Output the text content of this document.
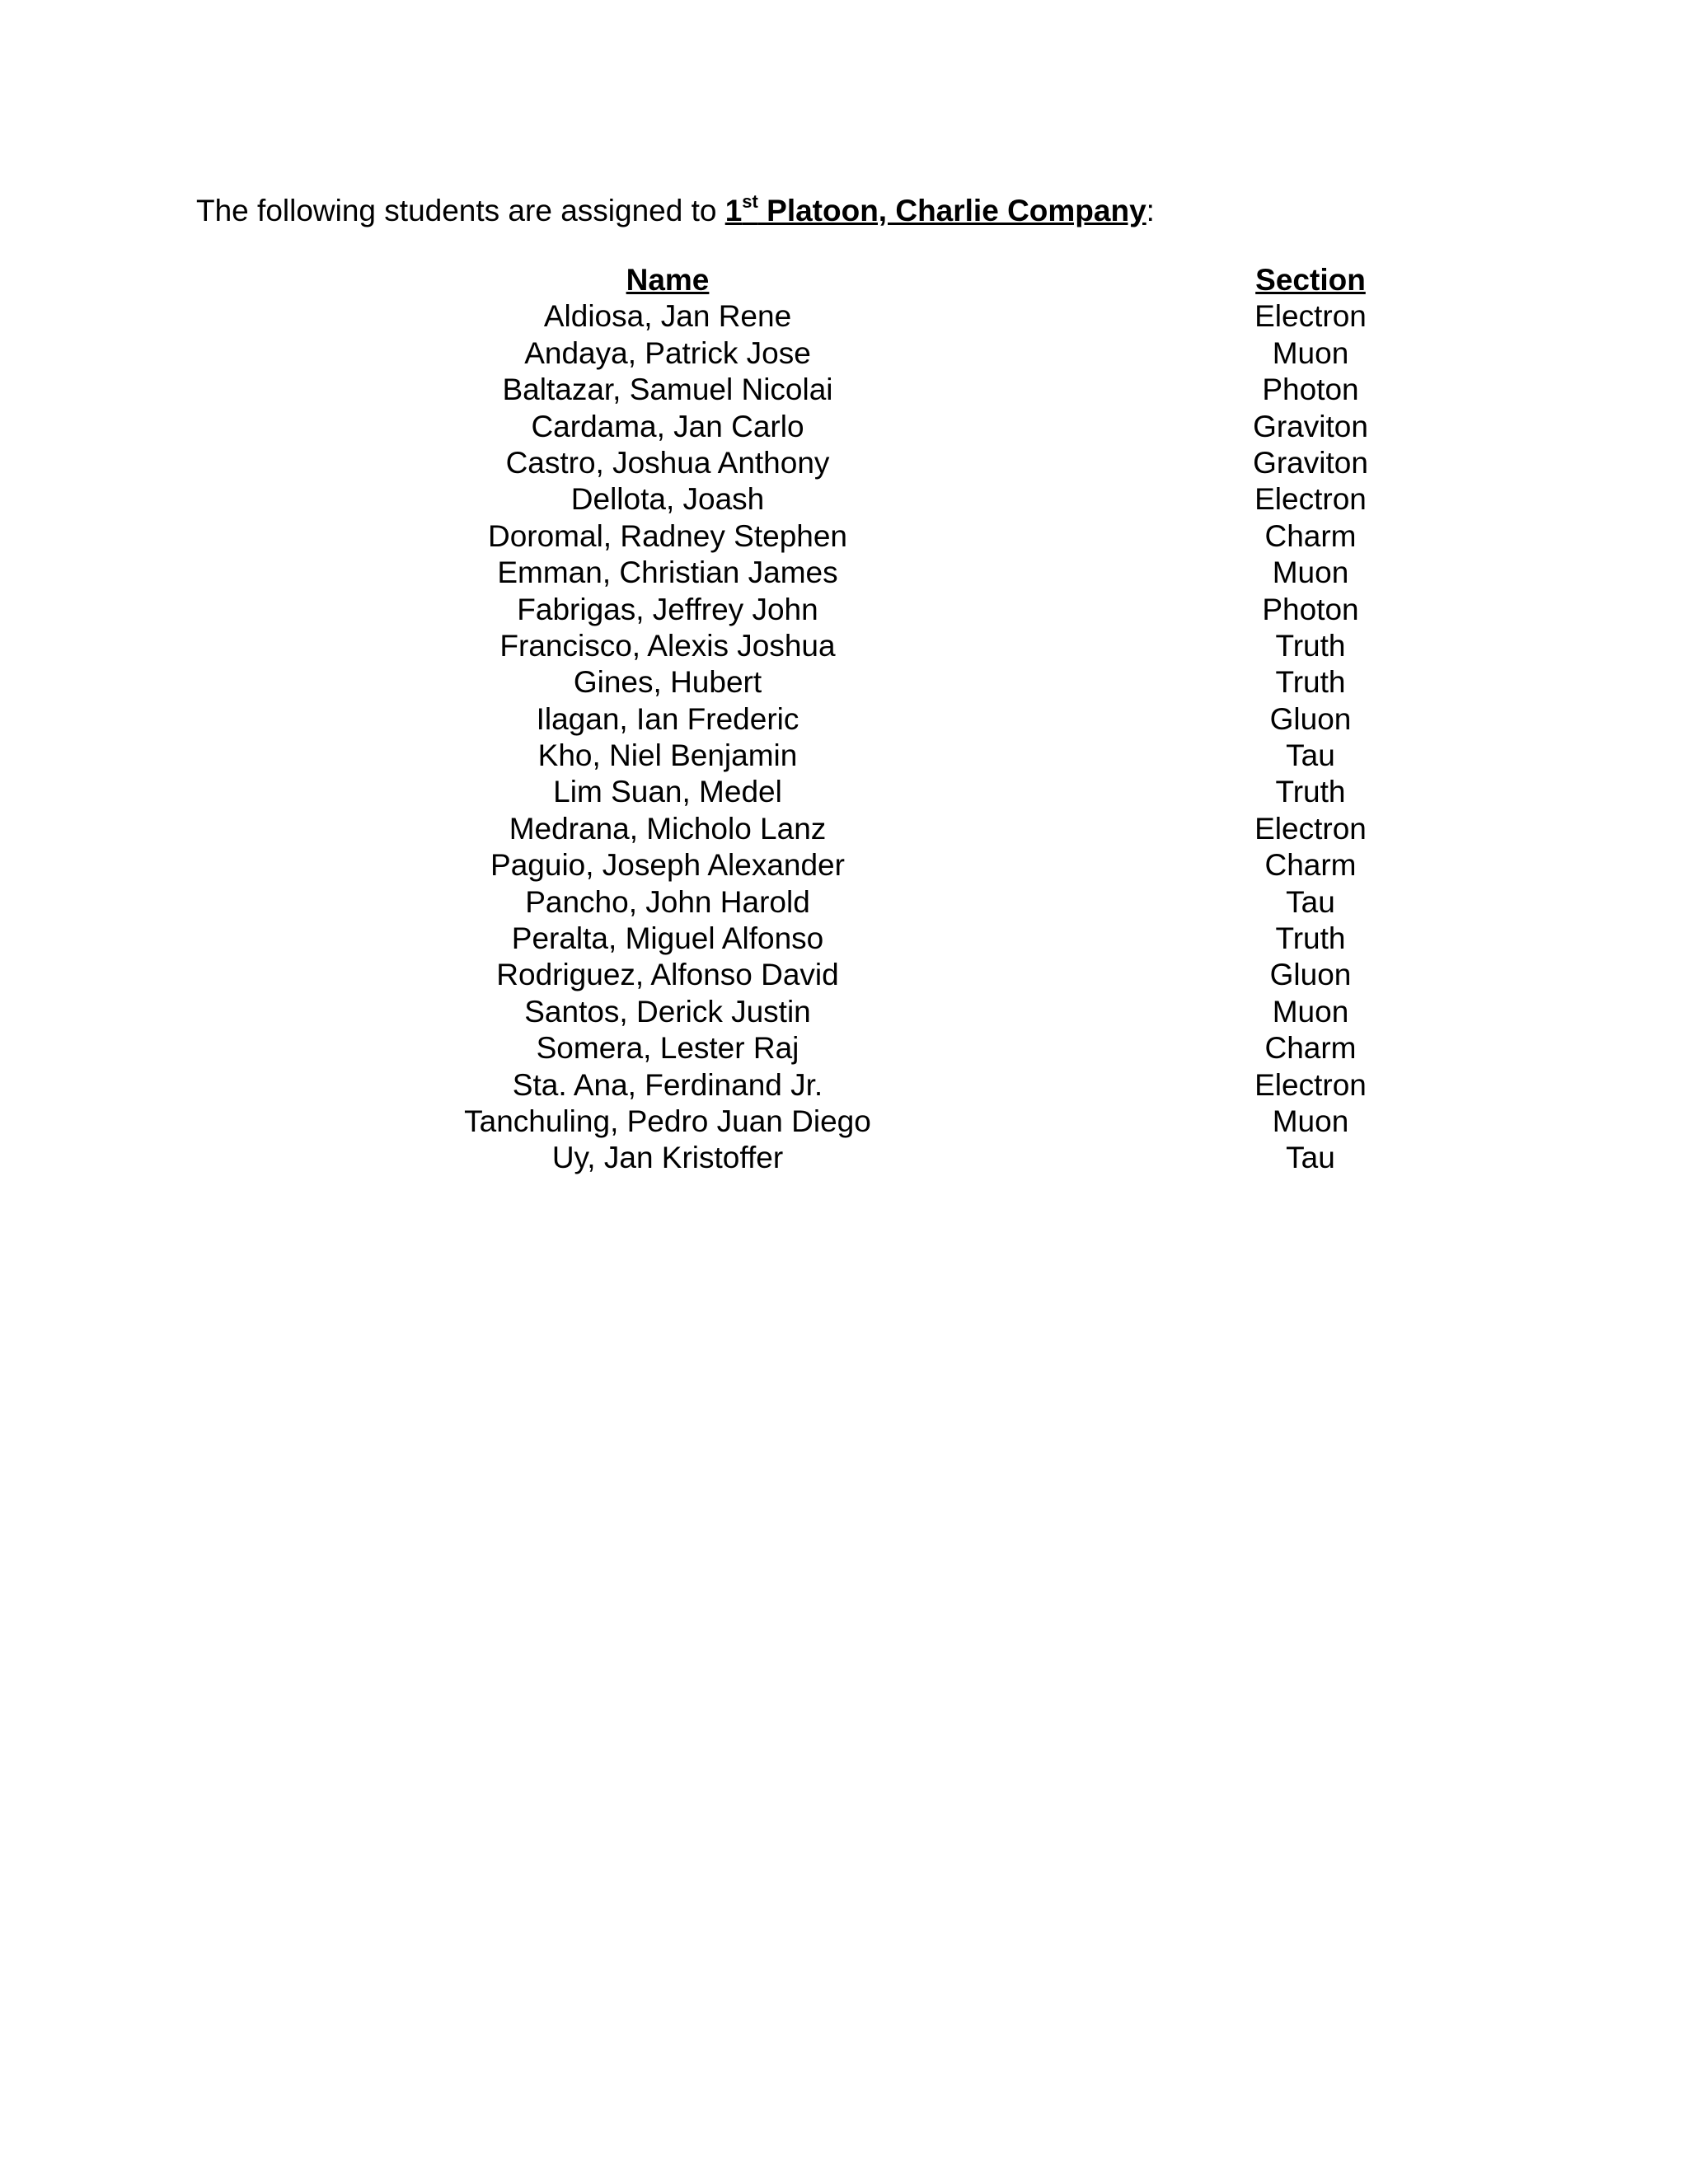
The following students are assigned to 1st Platoon, Charlie Company:
Name	Section
Aldiosa, Jan Rene	Electron
Andaya, Patrick Jose	Muon
Baltazar, Samuel Nicolai	Photon
Cardama, Jan Carlo	Graviton
Castro, Joshua Anthony	Graviton
Dellota, Joash	Electron
Doromal, Radney Stephen	Charm
Emman, Christian James	Muon
Fabrigas, Jeffrey John	Photon
Francisco, Alexis Joshua	Truth
Gines, Hubert	Truth
Ilagan, Ian Frederic	Gluon
Kho, Niel Benjamin	Tau
Lim Suan, Medel	Truth
Medrana, Micholo Lanz	Electron
Paguio, Joseph Alexander	Charm
Pancho, John Harold	Tau
Peralta, Miguel Alfonso	Truth
Rodriguez, Alfonso David	Gluon
Santos, Derick Justin	Muon
Somera, Lester Raj	Charm
Sta. Ana, Ferdinand Jr.	Electron
Tanchuling, Pedro Juan Diego	Muon
Uy, Jan Kristoffer	Tau
